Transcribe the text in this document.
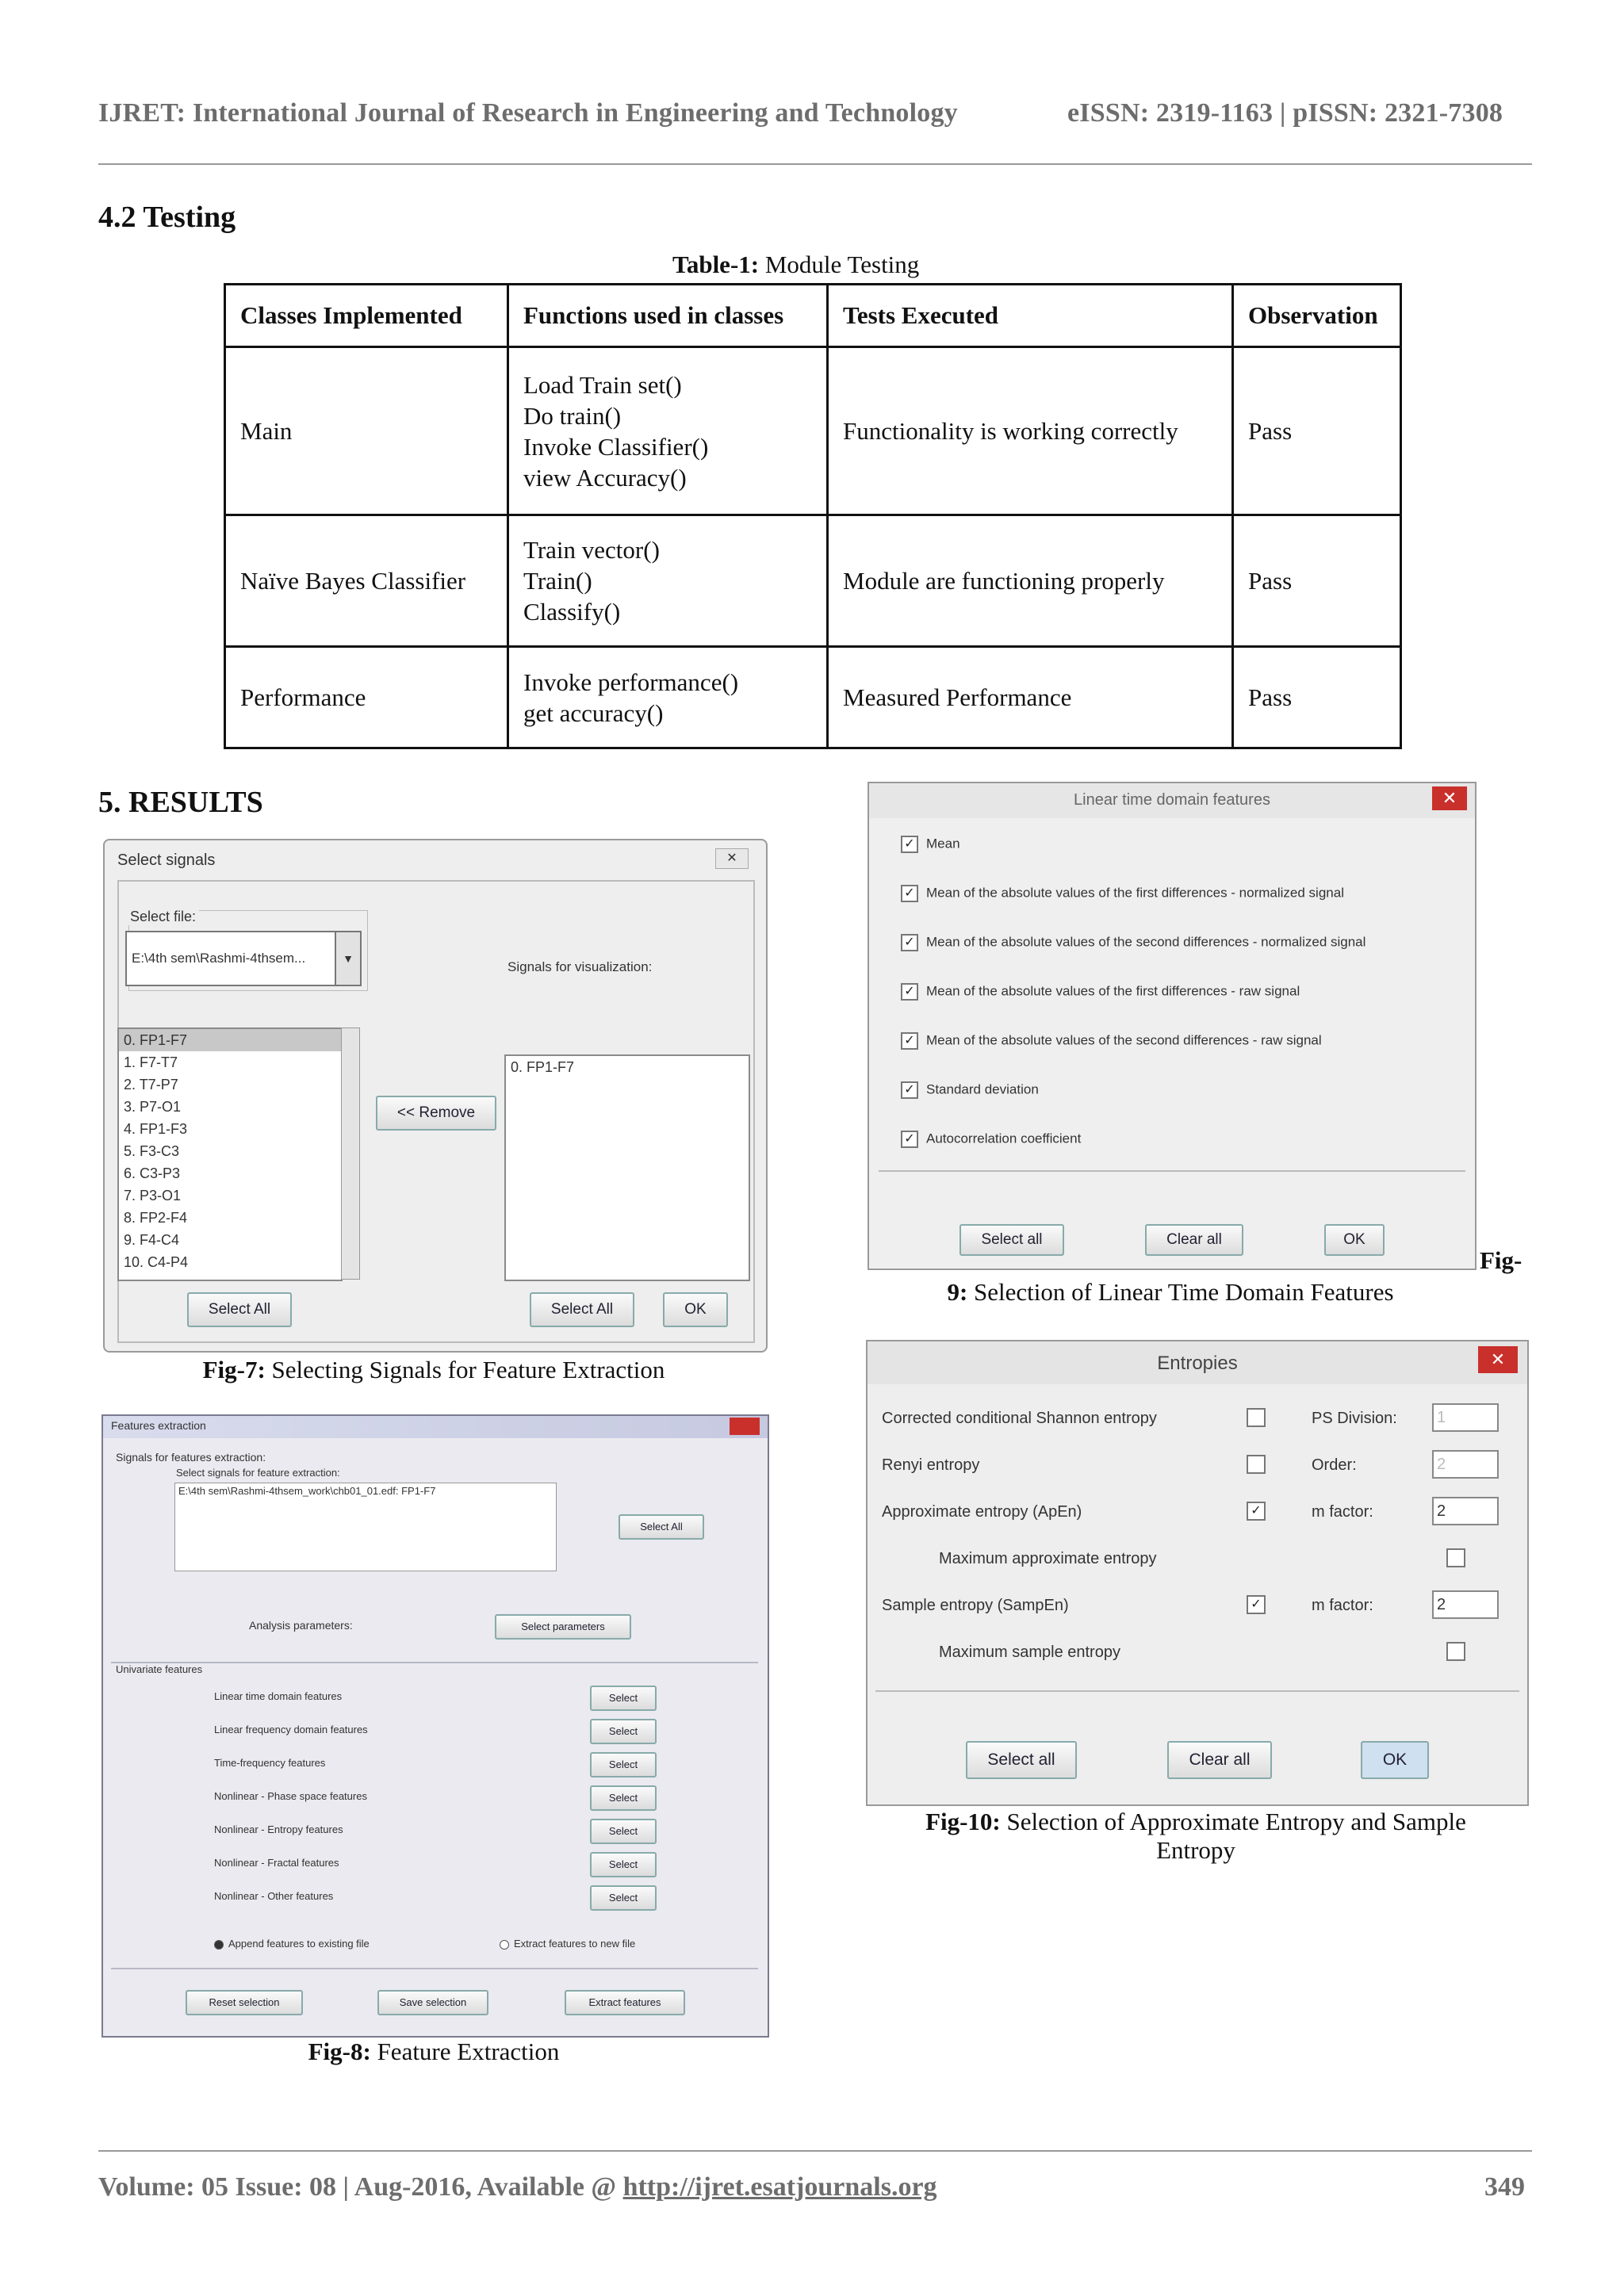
IJRET: International Journal of Research in Engineering and Technology	eISSN: 2319-1163 | pISSN: 2321-7308
4.2 Testing
Table-1: Module Testing
Classes Implemented	Functions used in classes	Tests Executed	Observation
Main	Load Train set()
Do train()
Invoke Classifier()
view Accuracy()	Functionality is working correctly	Pass
Naïve Bayes Classifier	Train vector()
Train()
Classify()	Module are functioning properly	Pass
Performance	Invoke performance()
get accuracy()	Measured Performance	Pass
5. RESULTS
Select signals	✕
Select file:
E:\4th sem\Rashmi-4thsem...	▼
Signals for visualization:
0. FP1-F7
1. F7-T7
2. T7-P7
3. P7-O1
4. FP1-F3
5. F3-C3
6. C3-P3
7. P3-O1
8. FP2-F4
9. F4-C4
10. C4-P4
0. FP1-F7
<< Remove
Select All	Select All	OK
Fig-7: Selecting Signals for Feature Extraction
Features extraction
Signals for features extraction:
Select signals for feature extraction:
E:\4th sem\Rashmi-4thsem_work\chb01_01.edf: FP1-F7
Select All
Analysis parameters:	Select parameters
Univariate features
Linear time domain features	Select
Linear frequency domain features	Select
Time-frequency features	Select
Nonlinear - Phase space features	Select
Nonlinear - Entropy features	Select
Nonlinear - Fractal features	Select
Nonlinear - Other features	Select
Append features to existing file	Extract features to new file
Reset selection	Save selection	Extract features
Fig-8: Feature Extraction
Linear time domain features	✕
✓ Mean
✓ Mean of the absolute values of the first differences - normalized signal
✓ Mean of the absolute values of the second differences - normalized signal
✓ Mean of the absolute values of the first differences - raw signal
✓ Mean of the absolute values of the second differences - raw signal
✓ Standard deviation
✓ Autocorrelation coefficient
Select all	Clear all	OK
Fig-
9: Selection of Linear Time Domain Features
Entropies	✕
Corrected conditional Shannon entropy	PS Division:	1
Renyi entropy	Order:	2
Approximate entropy (ApEn)	✓	m factor:	2
Maximum approximate entropy
Sample entropy (SampEn)	✓	m factor:	2
Maximum sample entropy
Select all	Clear all	OK
Fig-10: Selection of Approximate Entropy and Sample
Entropy
Volume: 05 Issue: 08 | Aug-2016, Available @ http://ijret.esatjournals.org	349
